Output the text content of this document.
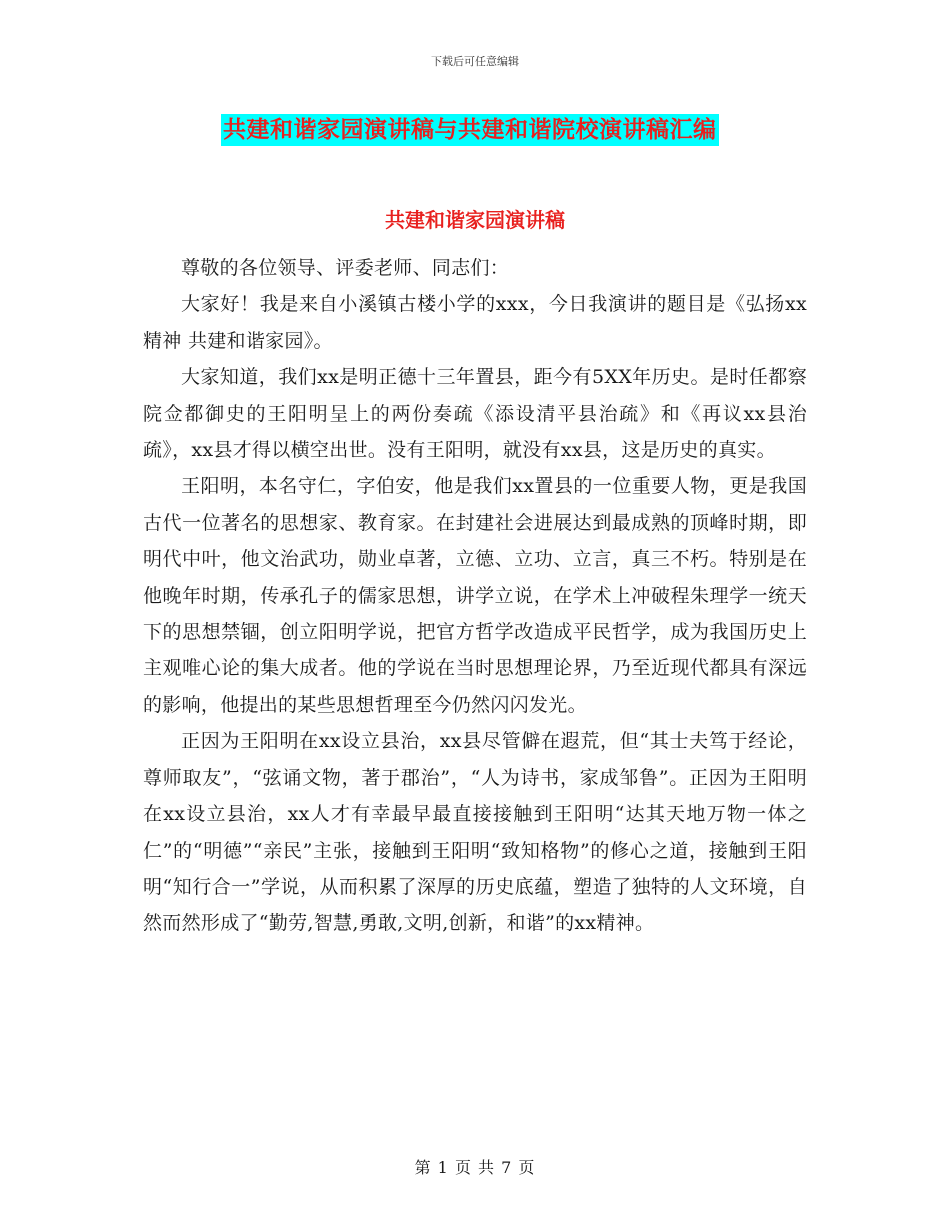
下载后可任意编辑
共建和谐家园演讲稿与共建和谐院校演讲稿汇编
共建和谐家园演讲稿

尊敬的各位领导、评委老师、同志们：

大家好！我是来自小溪镇古楼小学的xxx，今日我演讲的题目是《弘扬xx精神 共建和谐家园》。

大家知道，我们xx是明正德十三年置县，距今有5XX年历史。是时任都察院佥都御史的王阳明呈上的两份奏疏《添设清平县治疏》和《再议xx县治疏》，xx县才得以横空出世。没有王阳明，就没有xx县，这是历史的真实。

王阳明，本名守仁，字伯安，他是我们xx置县的一位重要人物，更是我国古代一位著名的思想家、教育家。在封建社会进展达到最成熟的顶峰时期，即明代中叶，他文治武功，勋业卓著，立德、立功、立言，真三不朽。特别是在他晚年时期，传承孔子的儒家思想，讲学立说，在学术上冲破程朱理学一统天下的思想禁锢，创立阳明学说，把官方哲学改造成平民哲学，成为我国历史上主观唯心论的集大成者。他的学说在当时思想理论界，乃至近现代都具有深远的影响，他提出的某些思想哲理至今仍然闪闪发光。

正因为王阳明在xx设立县治，xx县尽管僻在遐荒，但“其士夫笃于经论，尊师取友”，“弦诵文物，著于郡治”，“人为诗书，家成邹鲁”。正因为王阳明在xx设立县治，xx人才有幸最早最直接接触到王阳明“达其天地万物一体之仁”的“明德”“亲民”主张，接触到王阳明“致知格物”的修心之道，接触到王阳明“知行合一”学说，从而积累了深厚的历史底蕴，塑造了独特的人文环境，自然而然形成了“勤劳,智慧,勇敢,文明,创新，和谐”的xx精神。

第 1 页 共 7 页
